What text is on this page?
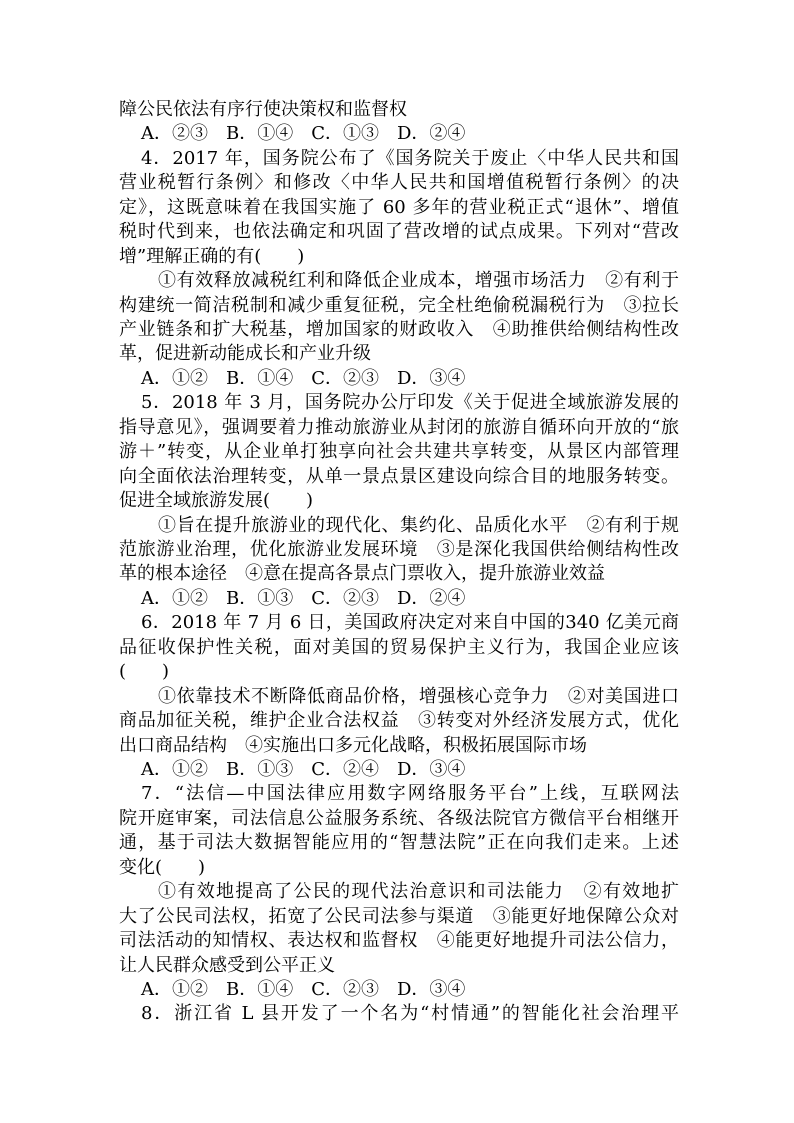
障公民依法有序行使决策权和监督权
A．②③　B．①④　C．①③　D．②④
4．2017 年，国务院公布了《国务院关于废止〈中华人民共和国
营业税暂行条例〉和修改〈中华人民共和国增值税暂行条例〉的决
定》，这既意味着在我国实施了 60 多年的营业税正式“退休”、增值
税时代到来，也依法确定和巩固了营改增的试点成果。下列对“营改
增”理解正确的有(　　)
①有效释放减税红利和降低企业成本，增强市场活力　②有利于
构建统一简洁税制和减少重复征税，完全杜绝偷税漏税行为　③拉长
产业链条和扩大税基，增加国家的财政收入　④助推供给侧结构性改
革，促进新动能成长和产业升级
A．①②　B．①④　C．②③　D．③④
5．2018 年 3 月，国务院办公厅印发《关于促进全域旅游发展的
指导意见》，强调要着力推动旅游业从封闭的旅游自循环向开放的“旅
游＋”转变，从企业单打独享向社会共建共享转变，从景区内部管理
向全面依法治理转变，从单一景点景区建设向综合目的地服务转变。
促进全域旅游发展(　　)
①旨在提升旅游业的现代化、集约化、品质化水平　②有利于规
范旅游业治理，优化旅游业发展环境　③是深化我国供给侧结构性改
革的根本途径　④意在提高各景点门票收入，提升旅游业效益
A．①②　B．①③　C．②③　D．②④
6．2018 年 7 月 6 日，美国政府决定对来自中国的340 亿美元商
品征收保护性关税，面对美国的贸易保护主义行为，我国企业应该
(　　)
①依靠技术不断降低商品价格，增强核心竞争力　②对美国进口
商品加征关税，维护企业合法权益　③转变对外经济发展方式，优化
出口商品结构　④实施出口多元化战略，积极拓展国际市场
A．①②　B．①③　C．②④　D．③④
7．“法信—中国法律应用数字网络服务平台”上线，互联网法
院开庭审案，司法信息公益服务系统、各级法院官方微信平台相继开
通，基于司法大数据智能应用的“智慧法院”正在向我们走来。上述
变化(　　)
①有效地提高了公民的现代法治意识和司法能力　②有效地扩
大了公民司法权，拓宽了公民司法参与渠道　③能更好地保障公众对
司法活动的知情权、表达权和监督权　④能更好地提升司法公信力，
让人民群众感受到公平正义
A．①②　B．①④　C．②③　D．③④
8．浙江省 L 县开发了一个名为“村情通”的智能化社会治理平
